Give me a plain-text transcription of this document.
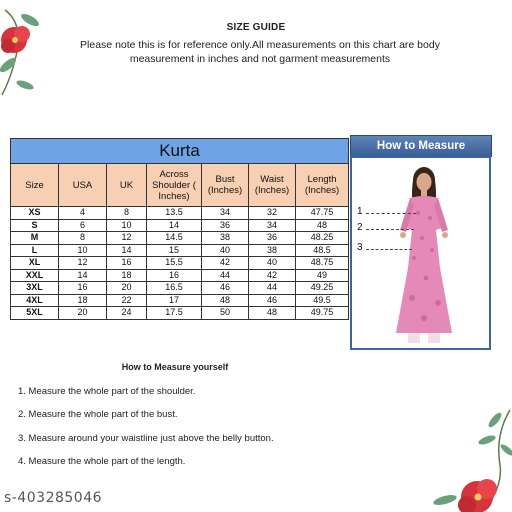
SIZE GUIDE
Please note this is for reference only.All measurements on this chart are body measurement in inches and not garment measurements
Kurta						
Size	USA	UK	Across Shoulder ( Inches)	Bust (Inches)	Waist (Inches)	Length (Inches)
XS	4	8	13.5	34	32	47.75
S	6	10	14	36	34	48
M	8	12	14.5	38	36	48.25
L	10	14	15	40	38	48.5
XL	12	16	15.5	42	40	48.75
XXL	14	18	16	44	42	49
3XL	16	20	16.5	46	44	49.25
4XL	18	22	17	48	46	49.5
5XL	20	24	17.5	50	48	49.75
How to Measure
1
2
3
How to Measure yourself
1. Measure the whole part of the shoulder.
2. Measure the whole part of the bust.
3. Measure around your waistline just above the belly button.
4. Measure the whole part of the length.
s-403285046
